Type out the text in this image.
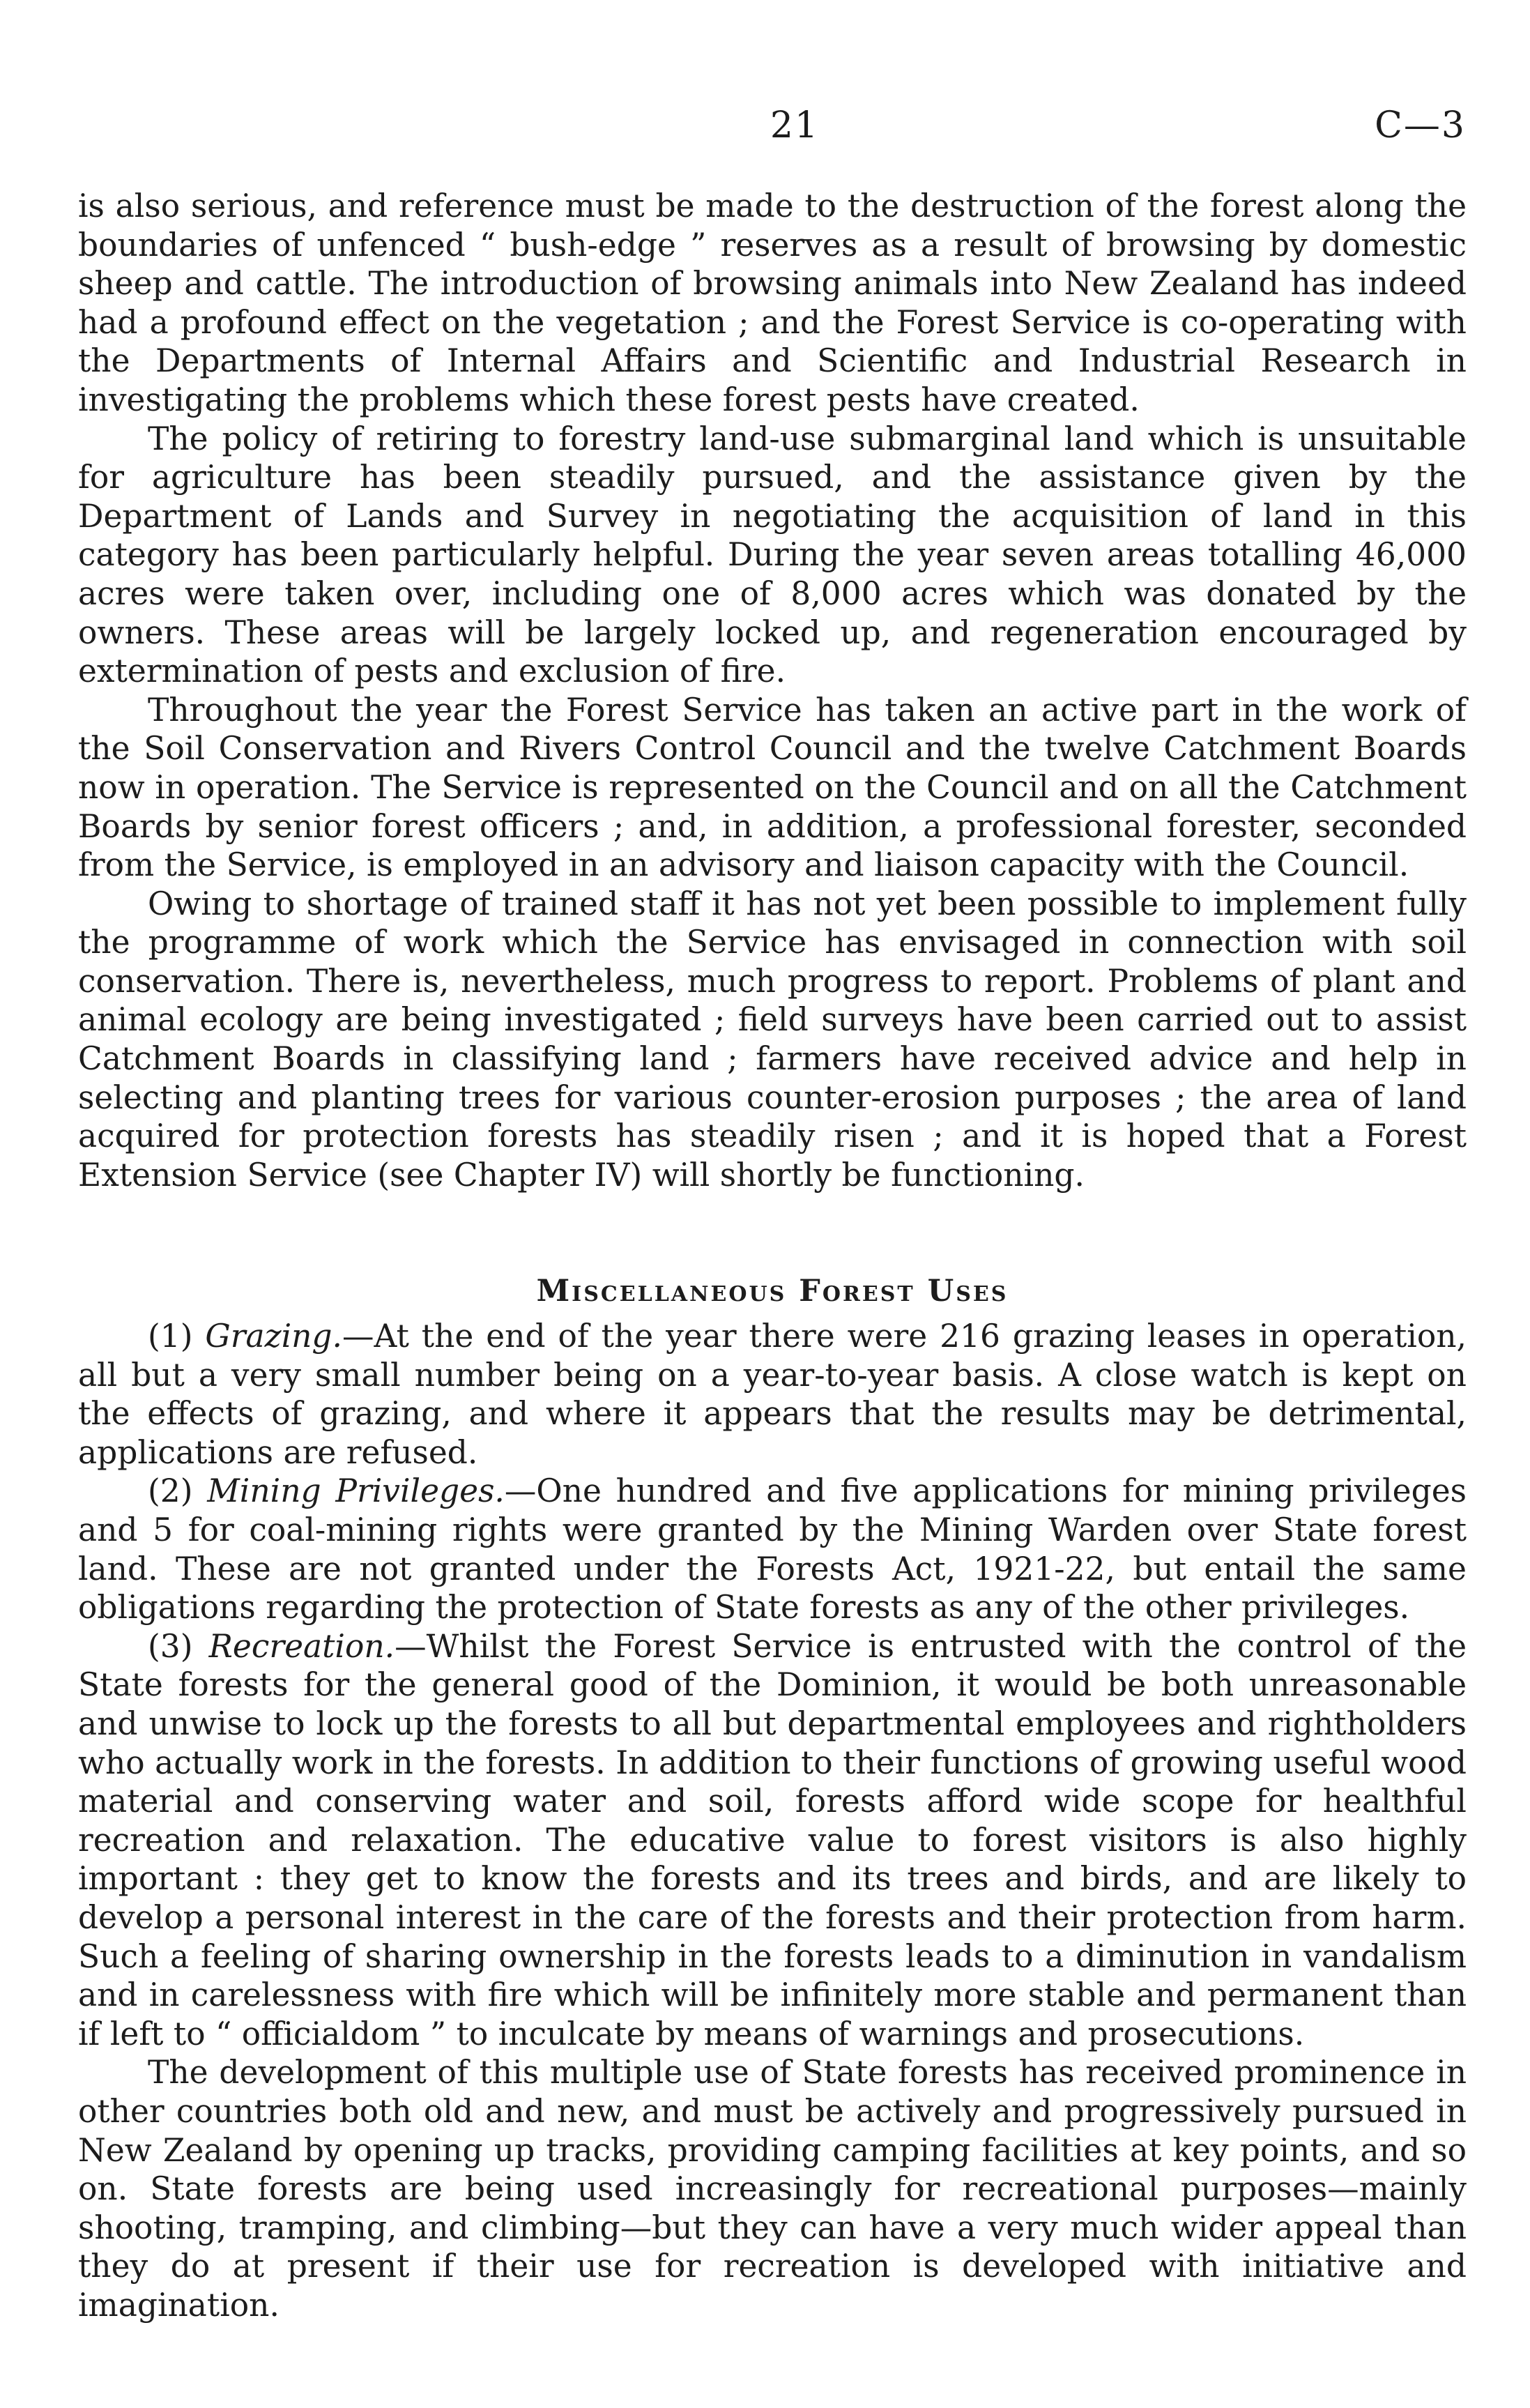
21	C—3

is also serious, and reference must be made to the destruction of the forest along the boundaries of unfenced “ bush-edge ” reserves as a result of browsing by domestic sheep and cattle. The introduction of browsing animals into New Zealand has indeed had a profound effect on the vegetation ; and the Forest Service is co-operating with the Departments of Internal Affairs and Scientific and Industrial Research in investigating the problems which these forest pests have created.

The policy of retiring to forestry land-use submarginal land which is unsuitable for agriculture has been steadily pursued, and the assistance given by the Department of Lands and Survey in negotiating the acquisition of land in this category has been particularly helpful. During the year seven areas totalling 46,000 acres were taken over, including one of 8,000 acres which was donated by the owners. These areas will be largely locked up, and regeneration encouraged by extermination of pests and exclusion of fire.

Throughout the year the Forest Service has taken an active part in the work of the Soil Conservation and Rivers Control Council and the twelve Catchment Boards now in operation. The Service is represented on the Council and on all the Catchment Boards by senior forest officers ; and, in addition, a professional forester, seconded from the Service, is employed in an advisory and liaison capacity with the Council.

Owing to shortage of trained staff it has not yet been possible to implement fully the programme of work which the Service has envisaged in connection with soil conservation. There is, nevertheless, much progress to report. Problems of plant and animal ecology are being investigated ; field surveys have been carried out to assist Catchment Boards in classifying land ; farmers have received advice and help in selecting and planting trees for various counter-erosion purposes ; the area of land acquired for protection forests has steadily risen ; and it is hoped that a Forest Extension Service (see Chapter IV) will shortly be functioning.

Miscellaneous Forest Uses

(1) Grazing.—At the end of the year there were 216 grazing leases in operation, all but a very small number being on a year-to-year basis. A close watch is kept on the effects of grazing, and where it appears that the results may be detrimental, applications are refused.

(2) Mining Privileges.—One hundred and five applications for mining privileges and 5 for coal-mining rights were granted by the Mining Warden over State forest land. These are not granted under the Forests Act, 1921-22, but entail the same obligations regarding the protection of State forests as any of the other privileges.

(3) Recreation.—Whilst the Forest Service is entrusted with the control of the State forests for the general good of the Dominion, it would be both unreasonable and unwise to lock up the forests to all but departmental employees and rightholders who actually work in the forests. In addition to their functions of growing useful wood material and conserving water and soil, forests afford wide scope for healthful recreation and relaxation. The educative value to forest visitors is also highly important : they get to know the forests and its trees and birds, and are likely to develop a personal interest in the care of the forests and their protection from harm. Such a feeling of sharing ownership in the forests leads to a diminution in vandalism and in carelessness with fire which will be infinitely more stable and permanent than if left to “ officialdom ” to inculcate by means of warnings and prosecutions.

The development of this multiple use of State forests has received prominence in other countries both old and new, and must be actively and progressively pursued in New Zealand by opening up tracks, providing camping facilities at key points, and so on. State forests are being used increasingly for recreational purposes—mainly shooting, tramping, and climbing—but they can have a very much wider appeal than they do at present if their use for recreation is developed with initiative and imagination.
